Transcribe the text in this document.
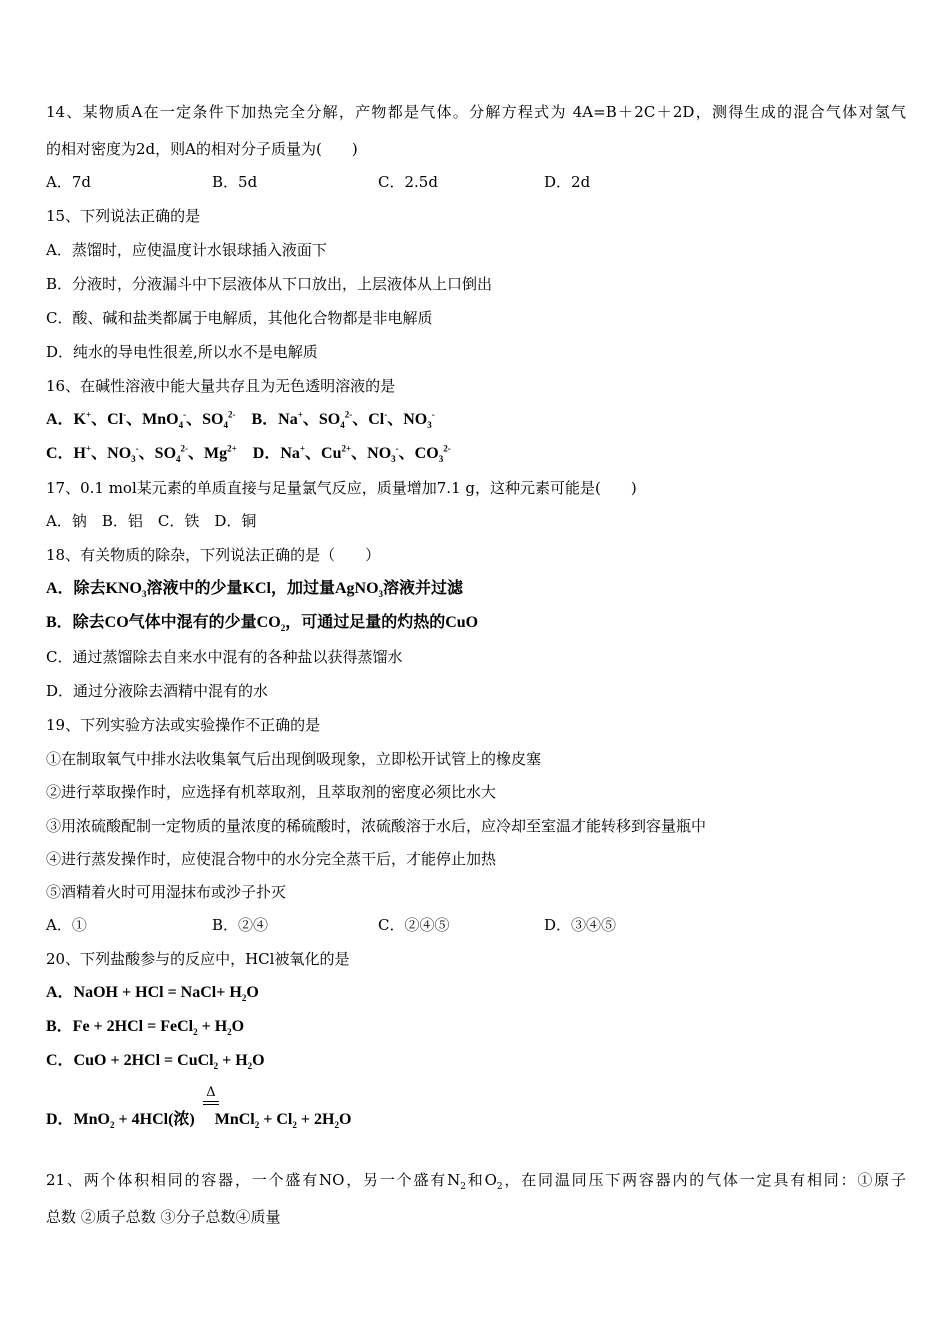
14、某物质A在一定条件下加热完全分解，产物都是气体。分解方程式为 4A=B＋2C＋2D，测得生成的混合气体对氢气
的相对密度为2d，则A的相对分子质量为(　　)
A．7d	B．5d	C．2.5d	D．2d
15、下列说法正确的是
A．蒸馏时，应使温度计水银球插入液面下
B．分液时，分液漏斗中下层液体从下口放出，上层液体从上口倒出
C．酸、碱和盐类都属于电解质，其他化合物都是非电解质
D．纯水的导电性很差,所以水不是电解质
16、在碱性溶液中能大量共存且为无色透明溶液的是
A．K+、Cl-、MnO$_4$-、$SO_4^{2-}$　B．Na+、$SO_4^{2-}$、Cl-、$NO_3^-$
C．H+、$NO_3^-$、$SO_4^{2-}$、$Mg^{2+}$　D．Na+、$Cu^{2+}$、$NO_3^-$、$CO_3^{2-}$
17、0.1 mol某元素的单质直接与足量氯气反应，质量增加7.1 g，这种元素可能是(　　)
A．钠　B．铝　C．铁　D．铜
18、有关物质的除杂，下列说法正确的是（　　）
A．除去$KNO_3$溶液中的少量KCl，加过量AgNO$_3$溶液并过滤
B．除去CO气体中混有的少量$CO_2$，可通过足量的灼热的CuO
C．通过蒸馏除去自来水中混有的各种盐以获得蒸馏水
D．通过分液除去酒精中混有的水
19、下列实验方法或实验操作不正确的是
①在制取氧气中排水法收集氧气后出现倒吸现象，立即松开试管上的橡皮塞
②进行萃取操作时，应选择有机萃取剂，且萃取剂的密度必须比水大
③用浓硫酸配制一定物质的量浓度的稀硫酸时，浓硫酸溶于水后，应冷却至室温才能转移到容量瓶中
④进行蒸发操作时，应使混合物中的水分完全蒸干后，才能停止加热
⑤酒精着火时可用湿抹布或沙子扑灭
A．①	B．②④	C．②④⑤	D．③④⑤
20、下列盐酸参与的反应中，HCl被氧化的是
A．NaOH + HCl = NaCl+ $H_2O$
B．Fe + 2HCl = FeCl$_2$ + $H_2O$
C．CuO + 2HCl = CuCl$_2$ + $H_2O$
Δ
D．MnO$_2$ + 4HCl(浓)　 MnCl$_2$ + $Cl_2 + 2H_2O$
21、两个体积相同的容器，一个盛有NO，另一个盛有$N_2$和$O_2$，在同温同压下两容器内的气体一定具有相同：①原子
总数 ②质子总数 ③分子总数④质量
